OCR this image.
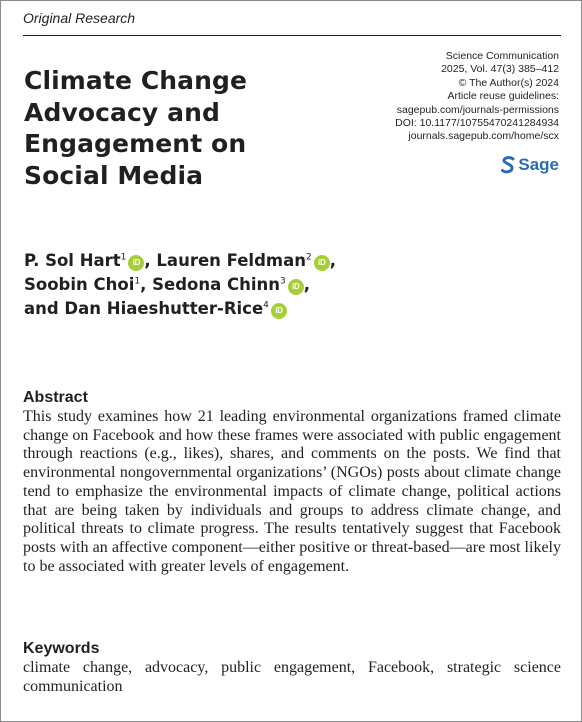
Original Research
Climate Change
Advocacy and
Engagement on
Social Media
Science Communication
2025, Vol. 47(3) 385–412
© The Author(s) 2024
Article reuse guidelines:
sagepub.com/journals-permissions
DOI: 10.1177/10755470241284934
journals.sagepub.com/home/scx
Sage
P. Sol Hart$^1$ iD , Lauren Feldman$^2$ iD ,
Soobin Choi$^1$, Sedona Chinn$^3$ iD ,
and Dan Hiaeshutter-Rice$^4$ iD
Abstract

This study examines how 21 leading environmental organizations framed climate change on Facebook and how these frames were associated with public engagement through reactions (e.g., likes), shares, and comments on the posts. We find that environmental nongovernmental organizations’ (NGOs) posts about climate change tend to emphasize the environmental impacts of climate change, political actions that are being taken by individuals and groups to address climate change, and political threats to climate progress. The results tentatively suggest that Facebook posts with an affective component—either positive or threat-based—are most likely to be associated with greater levels of engagement.

Keywords

climate change, advocacy, public engagement, Facebook, strategic science communication
